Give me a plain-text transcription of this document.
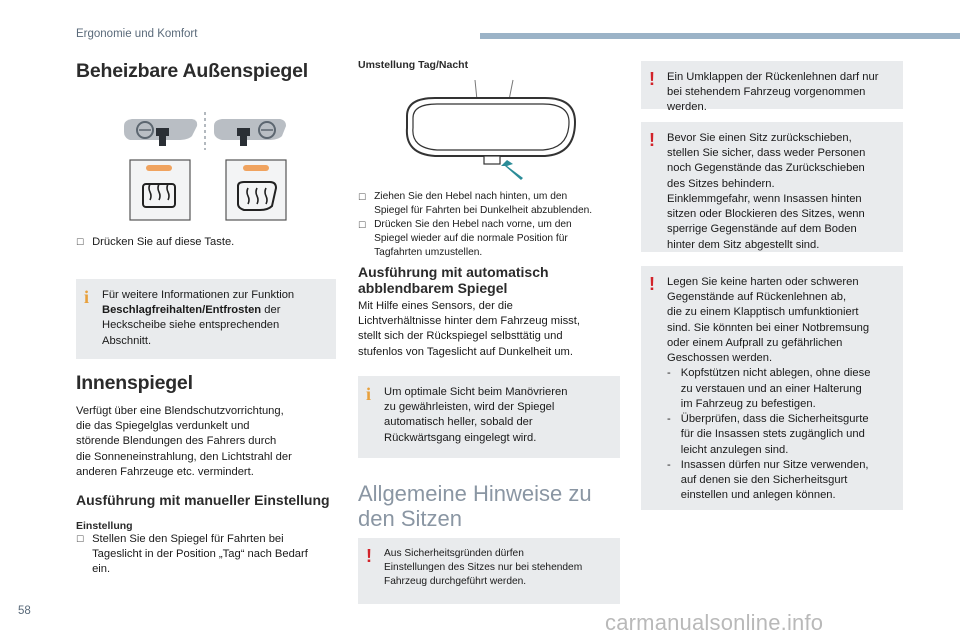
Ergonomie und Komfort
Beheizbare Außenspiegel
☐ Drücken Sie auf diese Taste.
i Für weitere Informationen zur Funktion Beschlagfreihalten/Entfrosten der Heckscheibe siehe entsprechenden Abschnitt.
Innenspiegel
Verfügt über eine Blendschutzvorrichtung,
die das Spiegelglas verdunkelt und
störende Blendungen des Fahrers durch
die Sonneneinstrahlung, den Lichtstrahl der
anderen Fahrzeuge etc. vermindert.
Ausführung mit manueller Einstellung
Einstellung
☐ Stellen Sie den Spiegel für Fahrten bei
Tageslicht in der Position „Tag“ nach Bedarf
ein.
Umstellung Tag/Nacht
☐ Ziehen Sie den Hebel nach hinten, um den
Spiegel für Fahrten bei Dunkelheit abzublenden.
☐ Drücken Sie den Hebel nach vorne, um den
Spiegel wieder auf die normale Position für
Tagfahrten umzustellen.
Ausführung mit automatisch
abblendbarem Spiegel
Mit Hilfe eines Sensors, der die
Lichtverhältnisse hinter dem Fahrzeug misst,
stellt sich der Rückspiegel selbsttätig und
stufenlos von Tageslicht auf Dunkelheit um.
i Um optimale Sicht beim Manövrieren
zu gewährleisten, wird der Spiegel
automatisch heller, sobald der
Rückwärtsgang eingelegt wird.
Allgemeine Hinweise zu
den Sitzen
! Aus Sicherheitsgründen dürfen
Einstellungen des Sitzes nur bei stehendem
Fahrzeug durchgeführt werden.
! Ein Umklappen der Rückenlehnen darf nur
bei stehendem Fahrzeug vorgenommen
werden.
! Bevor Sie einen Sitz zurückschieben,
stellen Sie sicher, dass weder Personen
noch Gegenstände das Zurückschieben
des Sitzes behindern.
Einklemmgefahr, wenn Insassen hinten
sitzen oder Blockieren des Sitzes, wenn
sperrige Gegenstände auf dem Boden
hinter dem Sitz abgestellt sind.
! Legen Sie keine harten oder schweren
Gegenstände auf Rückenlehnen ab,
die zu einem Klapptisch umfunktioniert
sind. Sie könnten bei einer Notbremsung
oder einem Aufprall zu gefährlichen
Geschossen werden.
- Kopfstützen nicht ablegen, ohne diese
zu verstauen und an einer Halterung
im Fahrzeug zu befestigen.
- Überprüfen, dass die Sicherheitsgurte
für die Insassen stets zugänglich und
leicht anzulegen sind.
- Insassen dürfen nur Sitze verwenden,
auf denen sie den Sicherheitsgurt
einstellen und anlegen können.
58	carmanualsonline.info
